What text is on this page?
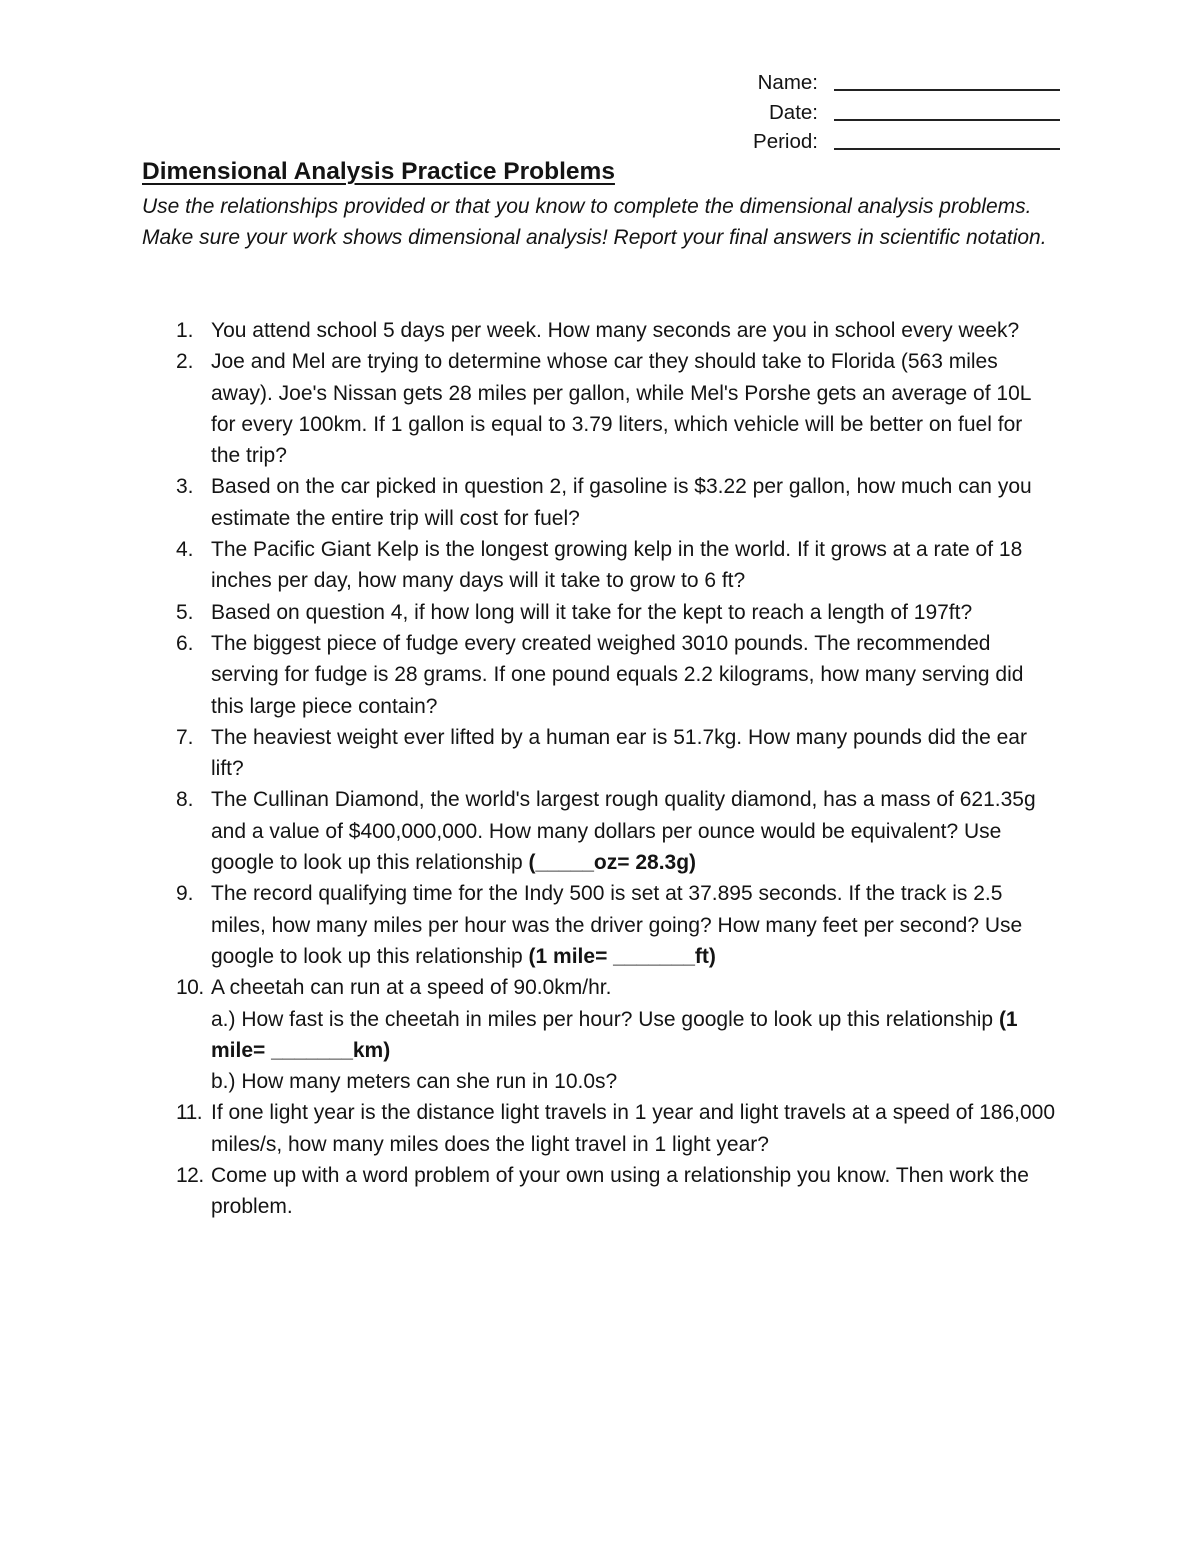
Name:
Date:
Period:
Dimensional Analysis Practice Problems

Use the relationships provided or that you know to complete the dimensional analysis problems. Make sure your work shows dimensional analysis! Report your final answers in scientific notation.

1. You attend school 5 days per week. How many seconds are you in school every week?
2. Joe and Mel are trying to determine whose car they should take to Florida (563 miles away). Joe's Nissan gets 28 miles per gallon, while Mel's Porshe gets an average of 10L for every 100km. If 1 gallon is equal to 3.79 liters, which vehicle will be better on fuel for the trip?
3. Based on the car picked in question 2, if gasoline is $3.22 per gallon, how much can you estimate the entire trip will cost for fuel?
4. The Pacific Giant Kelp is the longest growing kelp in the world. If it grows at a rate of 18 inches per day, how many days will it take to grow to 6 ft?
5. Based on question 4, if how long will it take for the kept to reach a length of 197ft?
6. The biggest piece of fudge every created weighed 3010 pounds. The recommended serving for fudge is 28 grams. If one pound equals 2.2 kilograms, how many serving did this large piece contain?
7. The heaviest weight ever lifted by a human ear is 51.7kg. How many pounds did the ear lift?
8. The Cullinan Diamond, the world's largest rough quality diamond, has a mass of 621.35g and a value of $400,000,000. How many dollars per ounce would be equivalent? Use google to look up this relationship (_____oz= 28.3g)
9. The record qualifying time for the Indy 500 is set at 37.895 seconds. If the track is 2.5 miles, how many miles per hour was the driver going? How many feet per second? Use google to look up this relationship (1 mile= _______ft)
10. A cheetah can run at a speed of 90.0km/hr.
a.) How fast is the cheetah in miles per hour? Use google to look up this relationship (1 mile= _______km)
b.) How many meters can she run in 10.0s?
11. If one light year is the distance light travels in 1 year and light travels at a speed of 186,000 miles/s, how many miles does the light travel in 1 light year?
12. Come up with a word problem of your own using a relationship you know. Then work the problem.
